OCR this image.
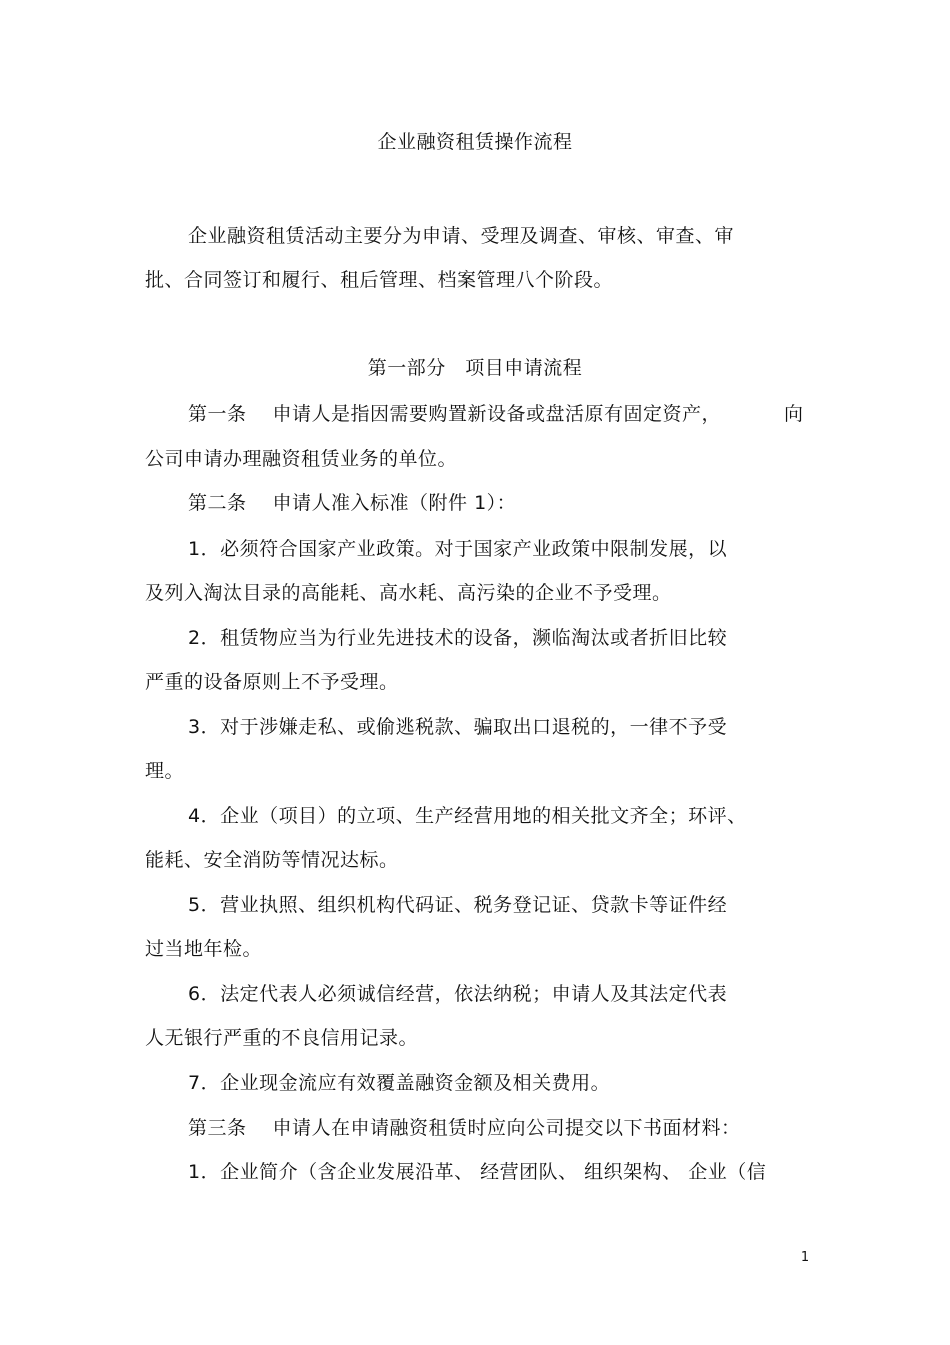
企业融资租赁操作流程
企业融资租赁活动主要分为申请、受理及调查、审核、审查、审
批、合同签订和履行、租后管理、档案管理八个阶段。
第一部分　项目申请流程
第一条　 申请人是指因需要购置新设备或盘活原有固定资产，	向
公司申请办理融资租赁业务的单位。
第二条　 申请人准入标准（附件 1）：
1．必须符合国家产业政策。对于国家产业政策中限制发展，以
及列入淘汰目录的高能耗、高水耗、高污染的企业不予受理。
2．租赁物应当为行业先进技术的设备，濒临淘汰或者折旧比较
严重的设备原则上不予受理。
3．对于涉嫌走私、或偷逃税款、骗取出口退税的，一律不予受
理。
4．企业（项目）的立项、生产经营用地的相关批文齐全；环评、
能耗、安全消防等情况达标。
5．营业执照、组织机构代码证、税务登记证、贷款卡等证件经
过当地年检。
6．法定代表人必须诚信经营，依法纳税；申请人及其法定代表
人无银行严重的不良信用记录。
7．企业现金流应有效覆盖融资金额及相关费用。
第三条　 申请人在申请融资租赁时应向公司提交以下书面材料：
1．企业简介（含企业发展沿革、 经营团队、 组织架构、 企业（信
1
